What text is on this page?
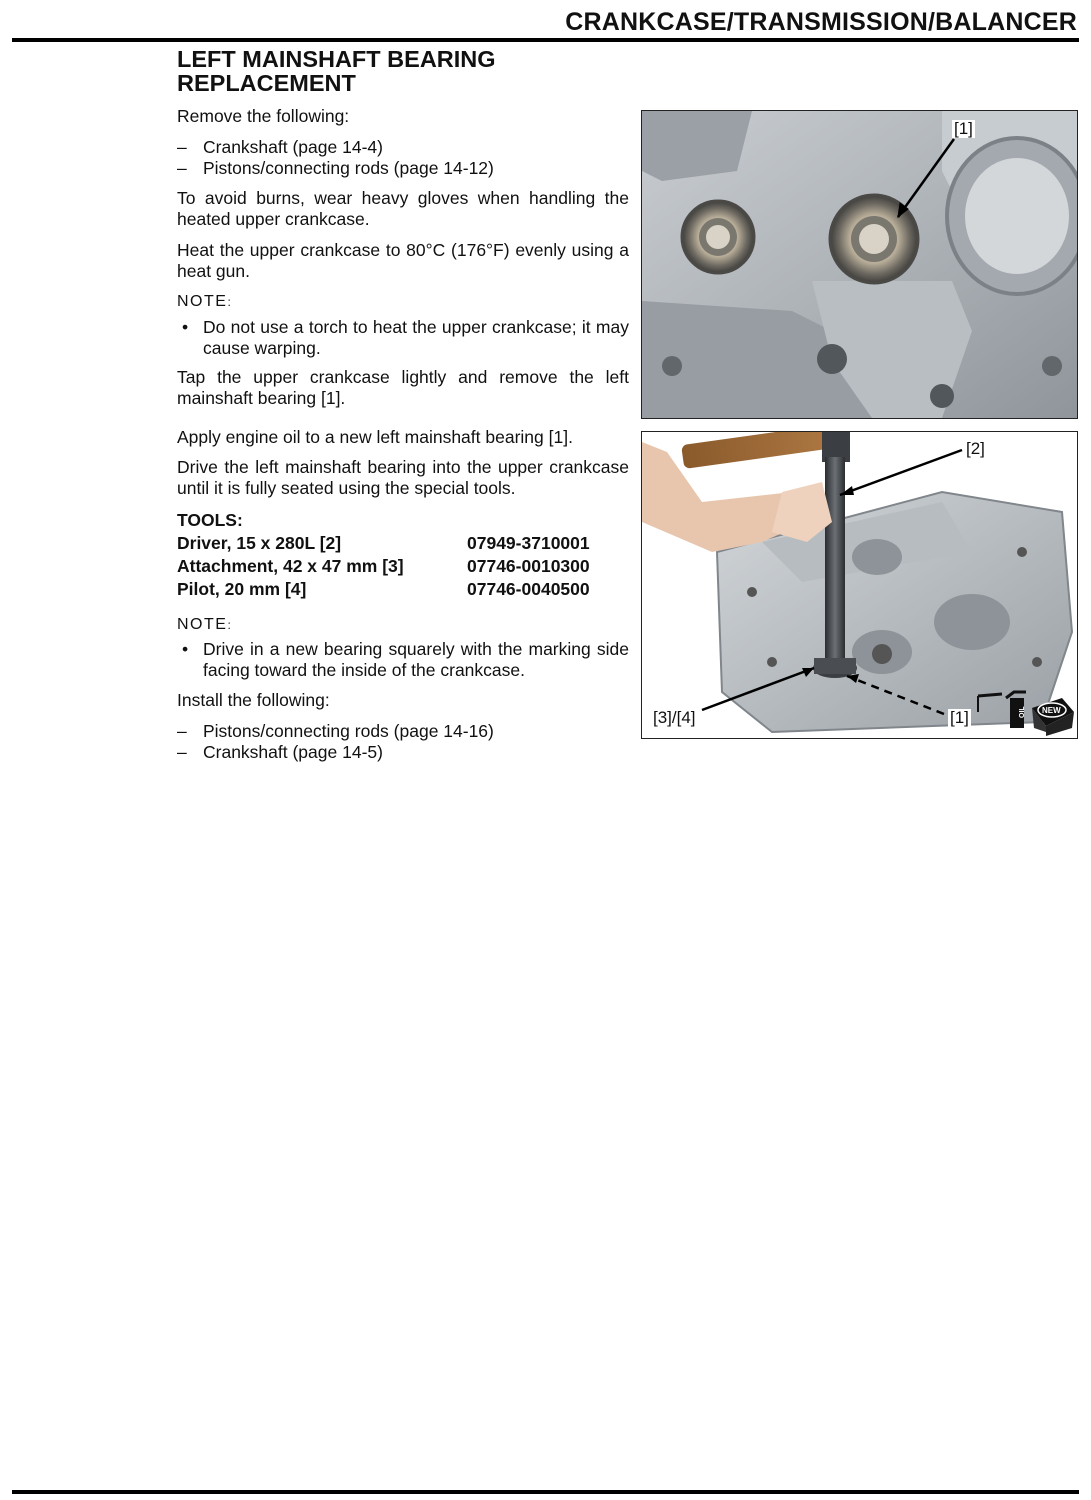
CRANKCASE/TRANSMISSION/BALANCER
LEFT MAINSHAFT BEARING
REPLACEMENT
Remove the following:
– Crankshaft (page 14-4)
– Pistons/connecting rods (page 14-12)
To avoid burns, wear heavy gloves when handling the heated upper crankcase.
Heat the upper crankcase to 80°C (176°F) evenly using a heat gun.
NOTE:
• Do not use a torch to heat the upper crankcase; it may cause warping.
Tap the upper crankcase lightly and remove the left mainshaft bearing [1].
Apply engine oil to a new left mainshaft bearing [1].
Drive the left mainshaft bearing into the upper crankcase until it is fully seated using the special tools.
TOOLS:
Driver, 15 x 280L [2]	07949-3710001
Attachment, 42 x 47 mm [3]	07746-0010300
Pilot, 20 mm [4]	07746-0040500
NOTE:
• Drive in a new bearing squarely with the marking side facing toward the inside of the crankcase.
Install the following:
– Pistons/connecting rods (page 14-16)
– Crankshaft (page 14-5)
[1]
OIL NEW
[2]
[3]/[4]	[1]
